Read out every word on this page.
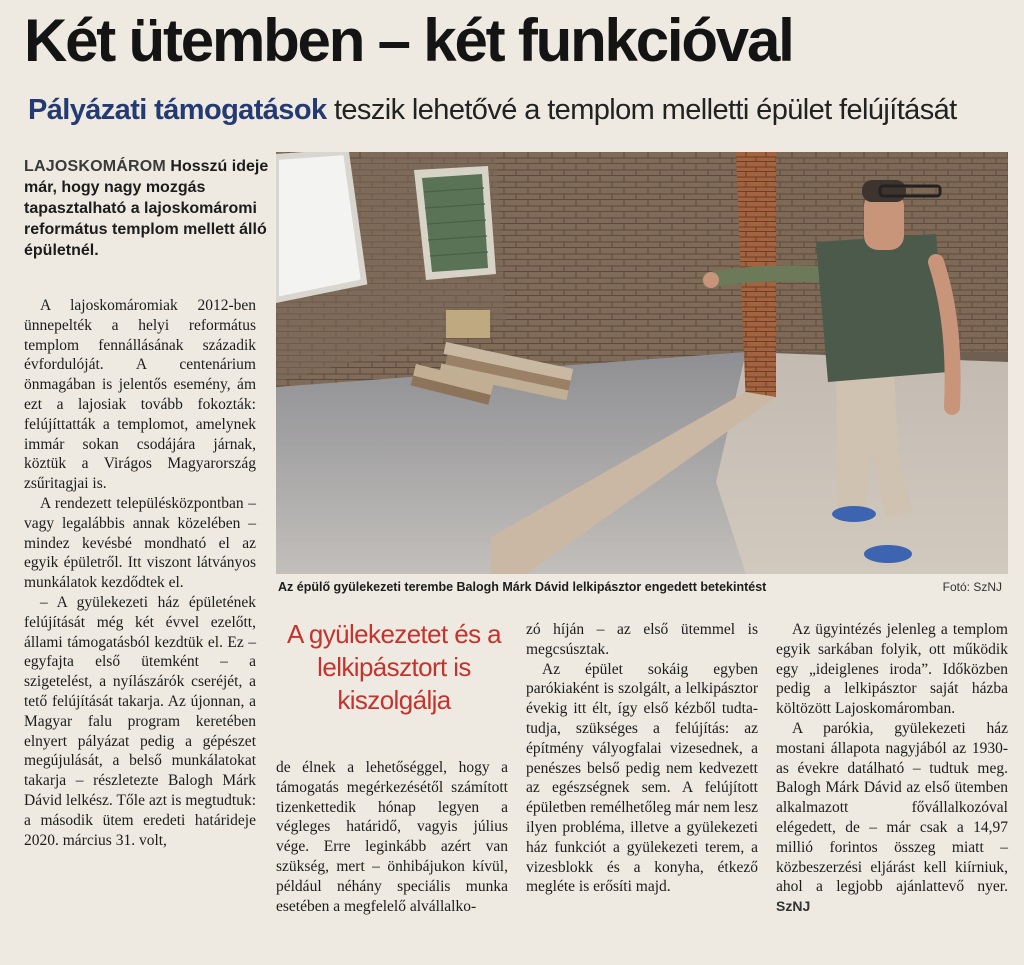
Két ütemben – két funkcióval
Pályázati támogatások teszik lehetővé a templom melletti épület felújítását
LAJOSKOMÁROM Hosszú ideje már, hogy nagy mozgás tapasztalható a lajoskomáromi református templom mellett álló épületnél.
Az épülő gyülekezeti terembe Balogh Márk Dávid lelkipásztor engedett betekintést	Fotó: SzNJ
A gyülekezetet és a lelkipásztort is kiszolgálja

A lajoskomáromiak 2012-ben ünnepelték a helyi református templom fennállásának századik évfordulóját. A centenárium önmagában is jelentős esemény, ám ezt a lajosiak tovább fokozták: felújíttatták a templomot, amelynek immár sokan csodájára járnak, köztük a Virágos Magyarország zsűritagjai is.

A rendezett településközpontban – vagy legalábbis annak közelében – mindez kevésbé mondható el az egyik épületről. Itt viszont látványos munkálatok kezdődtek el.

– A gyülekezeti ház épületének felújítását még két évvel ezelőtt, állami támogatásból kezdtük el. Ez – egyfajta első ütemként – a szigetelést, a nyílászárók cseréjét, a tető felújítását takarja. Az újonnan, a Magyar falu program keretében elnyert pályázat pedig a gépészet megújulását, a belső munkálatokat takarja – részletezte Balogh Márk Dávid lelkész. Tőle azt is megtudtuk: a második ütem eredeti határideje 2020. március 31. volt,

de élnek a lehetőséggel, hogy a támogatás megérkezésétől számított tizenkettedik hónap legyen a végleges határidő, vagyis július vége. Erre leginkább azért van szükség, mert – önhibájukon kívül, például néhány speciális munka esetében a megfelelő alvállalko-

zó híján – az első ütemmel is megcsúsztak.

Az épület sokáig egyben parókiaként is szolgált, a lelkipásztor évekig itt élt, így első kézből tudta-tudja, szükséges a felújítás: az építmény vályogfalai vizesednek, a penészes belső pedig nem kedvezett az egészségnek sem. A felújított épületben remélhetőleg már nem lesz ilyen probléma, illetve a gyülekezeti ház funkciót a gyülekezeti terem, a vizesblokk és a konyha, étkező megléte is erősíti majd.

Az ügyintézés jelenleg a templom egyik sarkában folyik, ott működik egy „ideiglenes iroda”. Időközben pedig a lelkipásztor saját házba költözött Lajoskomáromban.

A parókia, gyülekezeti ház mostani állapota nagyjából az 1930-as évekre datálható – tudtuk meg. Balogh Márk Dávid az első ütemben alkalmazott fővállalkozóval elégedett, de – már csak a 14,97 millió forintos összeg miatt – közbeszerzési eljárást kell kiírniuk, ahol a legjobb ajánlattevő nyer. SzNJ
